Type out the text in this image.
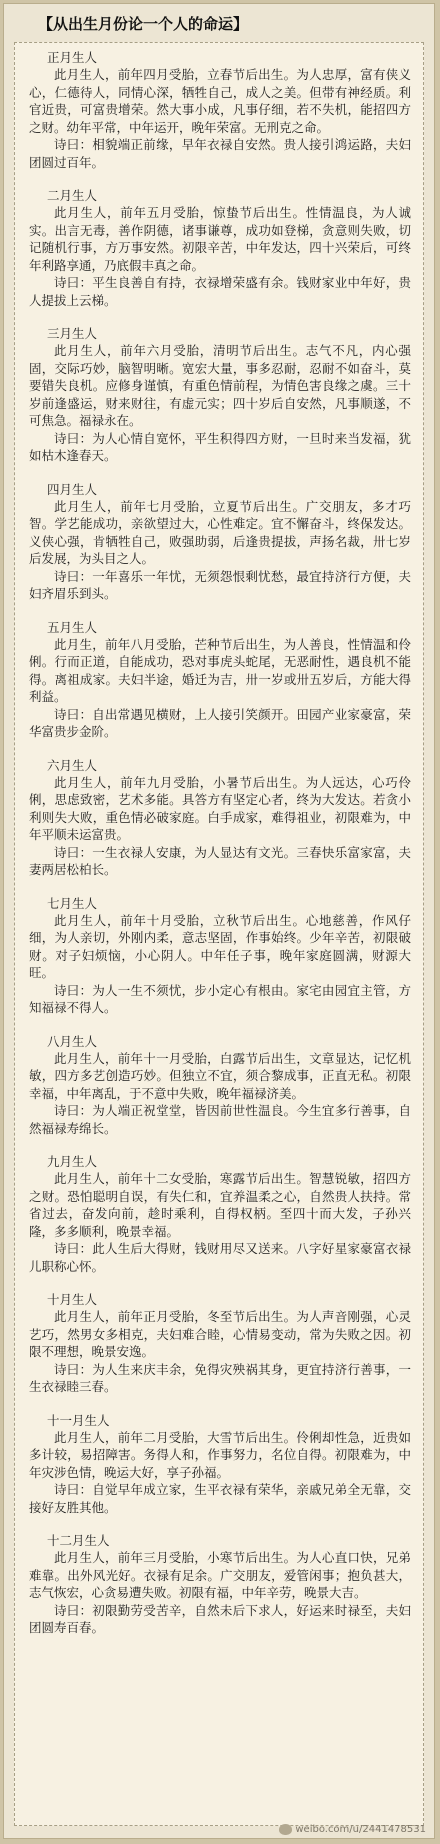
【从出生月份论一个人的命运】

正月生人

此月生人，前年四月受胎，立春节后出生。为人忠厚，富有侠义心，仁德待人，同情心深，牺牲自己，成人之美。但带有神经质。利官近贵，可富贵增荣。然大事小成，凡事仔细，若不失机，能招四方之财。幼年平常，中年运开，晚年荣富。无刑克之命。

诗曰：相貌端正前缘，早年衣禄自安然。贵人接引鸿运路，夫妇团圆过百年。

二月生人

此月生人，前年五月受胎，惊蛰节后出生。性情温良，为人诚实。出言无毒，善作阴德，诸事谦尊，成功如登梯，贪意则失败，切记随机行事，方万事安然。初限辛苦，中年发达，四十兴荣后，可终年利路享通，乃底假丰真之命。

诗曰：平生良善自有持，衣禄增荣盛有余。钱财家业中年好，贵人提拔上云梯。

三月生人

此月生人，前年六月受胎，清明节后出生。志气不凡，内心强固，交际巧妙，脑智明晰。宽宏大量，事多忍耐，忍耐不如奋斗，莫要错失良机。应修身谨慎，有重色情前程，为情色害良缘之虞。三十岁前逢盛运，财来财往，有虚元实；四十岁后自安然，凡事顺遂，不可焦急。福禄永在。

诗曰：为人心情自宽怀，平生积得四方财，一旦时来当发福，犹如枯木逢春天。

四月生人

此月生人，前年七月受胎，立夏节后出生。广交朋友，多才巧智。学艺能成功，亲欲望过大，心性难定。宜不懈奋斗，终保发达。义侠心强，肯牺牲自己，败强助弱，后逢贵提拔，声扬名裁，卅七岁后发展，为头目之人。

诗曰：一年喜乐一年忧，无须怨恨剩忧愁，最宜持济行方便，夫妇齐眉乐到头。

五月生人

此月生，前年八月受胎，芒种节后出生，为人善良，性情温和伶俐。行而正道，自能成功，恐对事虎头蛇尾，无恶耐性，遇良机不能得。离祖成家。夫妇半途，婚迁为吉，卅一岁或卅五岁后，方能大得利益。

诗曰：自出常遇见横财，上人接引笑颜开。田园产业家豪富，荣华富贵步金阶。

六月生人

此月生人，前年九月受胎，小暑节后出生。为人远达，心巧伶俐，思虑致密，艺术多能。具答方有坚定心者，终为大发达。若贪小利则失大败，重色情必破家庭。白手成家，难得祖业，初限难为，中年平顺未运富贵。

诗曰：一生衣禄人安康，为人显达有文光。三春快乐富家富，夫妻两居松柏长。

七月生人

此月生人，前年十月受胎，立秋节后出生。心地慈善，作风仔细，为人亲切，外刚内柔，意志坚固，作事始终。少年辛苦，初限破财。对子妇烦恼，小心阴人。中年任子事，晚年家庭圆满，财源大旺。

诗曰：为人一生不须忧，步小定心有根由。家宅由园宜主管，方知福禄不得人。

八月生人

此月生人，前年十一月受胎，白露节后出生，文章显达，记忆机敏，四方多艺创造巧妙。但独立不宜，须合黎成事，正直无私。初限幸福，中年离乱，于不意中失败，晚年福禄济美。

诗曰：为人端正祝堂堂，皆因前世性温良。今生宜多行善事，自然福禄寿绵长。

九月生人

此月生人，前年十二女受胎，寒露节后出生。智慧锐敏，招四方之财。恐怕聪明自误，有失仁和，宜养温柔之心，自然贵人扶持。常省过去，奋发向前，趁时乘利，自得权柄。至四十而大发，子孙兴隆，多多顺利，晚景幸福。

诗曰：此人生后大得财，钱财用尽又送来。八字好星家豪富衣禄儿职称心怀。

十月生人

此月生人，前年正月受胎，冬至节后出生。为人声音刚强，心灵艺巧，然男女多相克，夫妇难合睦，心情易变动，常为失败之因。初限不理想，晚景安逸。

诗曰：为人生来庆丰余，免得灾殃祸其身，更宜持济行善事，一生衣禄睦三春。

十一月生人

此月生人，前年二月受胎，大雪节后出生。伶俐却性急，近贵如多计较，易招障害。务得人和，作事努力，名位自得。初限难为，中年灾涉色情，晚运大好，享子孙福。

诗曰：自觉早年成立家，生平衣禄有荣华，亲戚兄弟全无靠，交接好友胜其他。

十二月生人

此月生人，前年三月受胎，小寒节后出生。为人心直口快，兄弟难靠。出外风光好。衣禄有足余。广交朋友，爱管闲事；抱负甚大，志气恢宏，心贪易遭失败。初限有福，中年辛劳，晚景大吉。

诗曰：初限勤劳受苦辛，自然未后下求人，好运来时禄至，夫妇团圆寿百春。

weibo.com/u/2441478531
